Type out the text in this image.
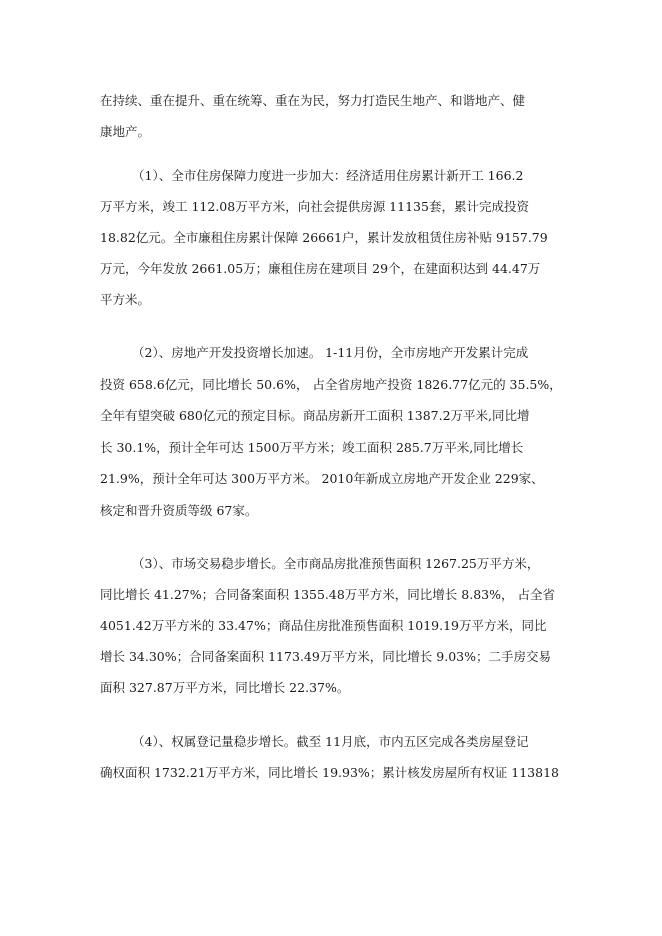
在持续、重在提升、重在统筹、重在为民，努力打造民生地产、和谐地产、健
康地产。
（1）、全市住房保障力度进一步加大：经济适用住房累计新开工 166.2
万平方米，竣工 112.08万平方米，向社会提供房源 11135套，累计完成投资
18.82亿元。全市廉租住房累计保障 26661户，累计发放租赁住房补贴 9157.79
万元，今年发放 2661.05万；廉租住房在建项目 29个，在建面积达到 44.47万
平方米。
（2）、房地产开发投资增长加速。 1-11月份，全市房地产开发累计完成
投资 658.6亿元，同比增长 50.6%， 占全省房地产投资 1826.77亿元的 35.5%，
全年有望突破 680亿元的预定目标。商品房新开工面积 1387.2万平米,同比增
长 30.1%，预计全年可达 1500万平方米；竣工面积 285.7万平米,同比增长
21.9%，预计全年可达 300万平方米。 2010年新成立房地产开发企业 229家、
核定和晋升资质等级 67家。
（3）、市场交易稳步增长。全市商品房批准预售面积 1267.25万平方米，
同比增长 41.27%；合同备案面积 1355.48万平方米，同比增长 8.83%， 占全省
4051.42万平方米的 33.47%；商品住房批准预售面积 1019.19万平方米，同比
增长 34.30%；合同备案面积 1173.49万平方米，同比增长 9.03%；二手房交易
面积 327.87万平方米，同比增长 22.37%。
（4）、权属登记量稳步增长。截至 11月底，市内五区完成各类房屋登记
确权面积 1732.21万平方米，同比增长 19.93%；累计核发房屋所有权证 113818
